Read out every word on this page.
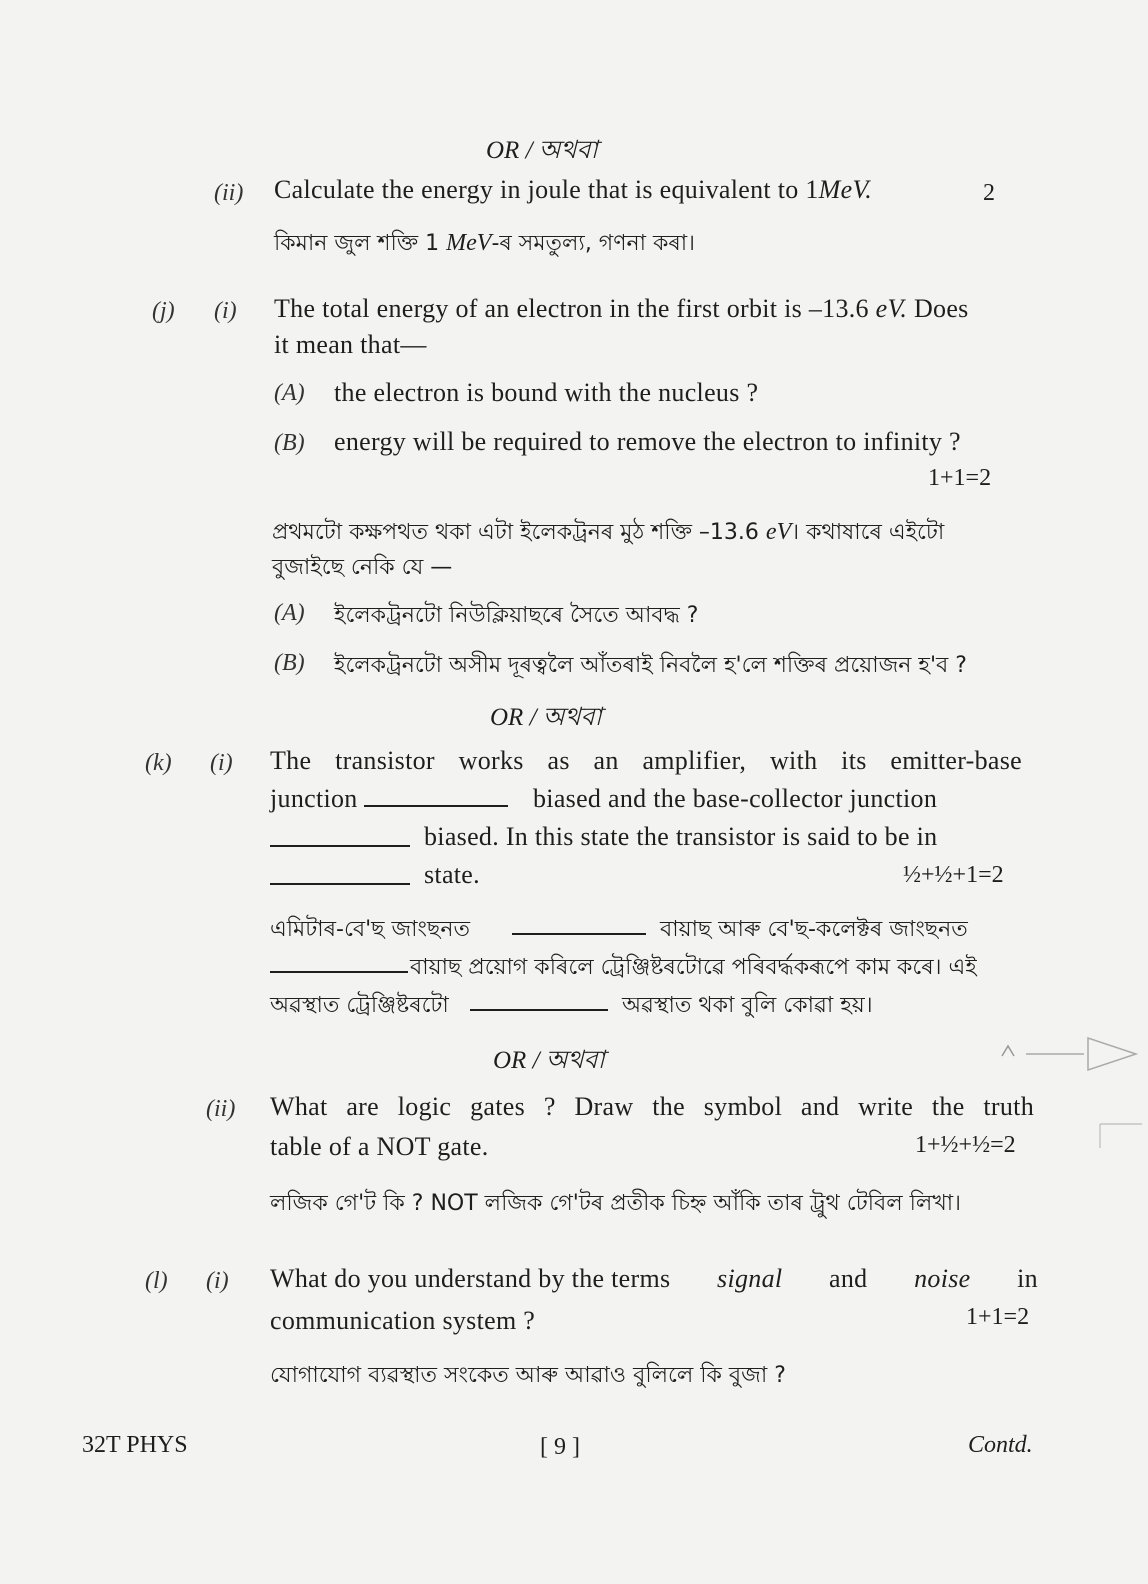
OR / অথবা
(ii) Calculate the energy in joule that is equivalent to 1MeV.	2
কিমান জুল শক্তি 1 MeV-ৰ সমতুল্য, গণনা কৰা।
(j) (i) The total energy of an electron in the first orbit is –13.6 eV. Does
it mean that—
(A) the electron is bound with the nucleus ?
(B) energy will be required to remove the electron to infinity ?
1+1=2
প্ৰথমটো কক্ষপথত থকা এটা ইলেকট্ৰনৰ মুঠ শক্তি –13.6 eV। কথাষাৰে এইটো
বুজাইছে নেকি যে —
(A) ইলেকট্ৰনটো নিউক্লিয়াছৰে সৈতে আবদ্ধ ?
(B) ইলেকট্ৰনটো অসীম দূৰত্বলৈ আঁতৰাই নিবলৈ হ'লে শক্তিৰ প্ৰয়োজন হ'ব ?
OR / অথবা
(k) (i) The transistor works as an amplifier, with its emitter-base
junction	biased and the base-collector junction
biased. In this state the transistor is said to be in
state.	½+½+1=2
এমিটাৰ-বে'ছ জাংছনত	বায়াছ আৰু বে'ছ-কলেক্টৰ জাংছনত
বায়াছ প্ৰয়োগ কৰিলে ট্ৰেঞ্জিষ্টৰটোৱে পৰিবৰ্দ্ধকৰূপে কাম কৰে। এই
অৱস্থাত ট্ৰেঞ্জিষ্টৰটো	অৱস্থাত থকা বুলি কোৱা হয়।
OR / অথবা
(ii) What are logic gates ? Draw the symbol and write the truth
table of a NOT gate.	1+½+½=2
লজিক গে'ট কি ? NOT লজিক গে'টৰ প্ৰতীক চিহ্ন আঁকি তাৰ ট্ৰুথ টেবিল লিখা।
(l) (i) What do you understand by the terms signal and noise in
communication system ?	1+1=2
যোগাযোগ ব্যৱস্থাত সংকেত আৰু আৱাও বুলিলে কি বুজা ?
32T PHYS	[ 9 ]	Contd.
